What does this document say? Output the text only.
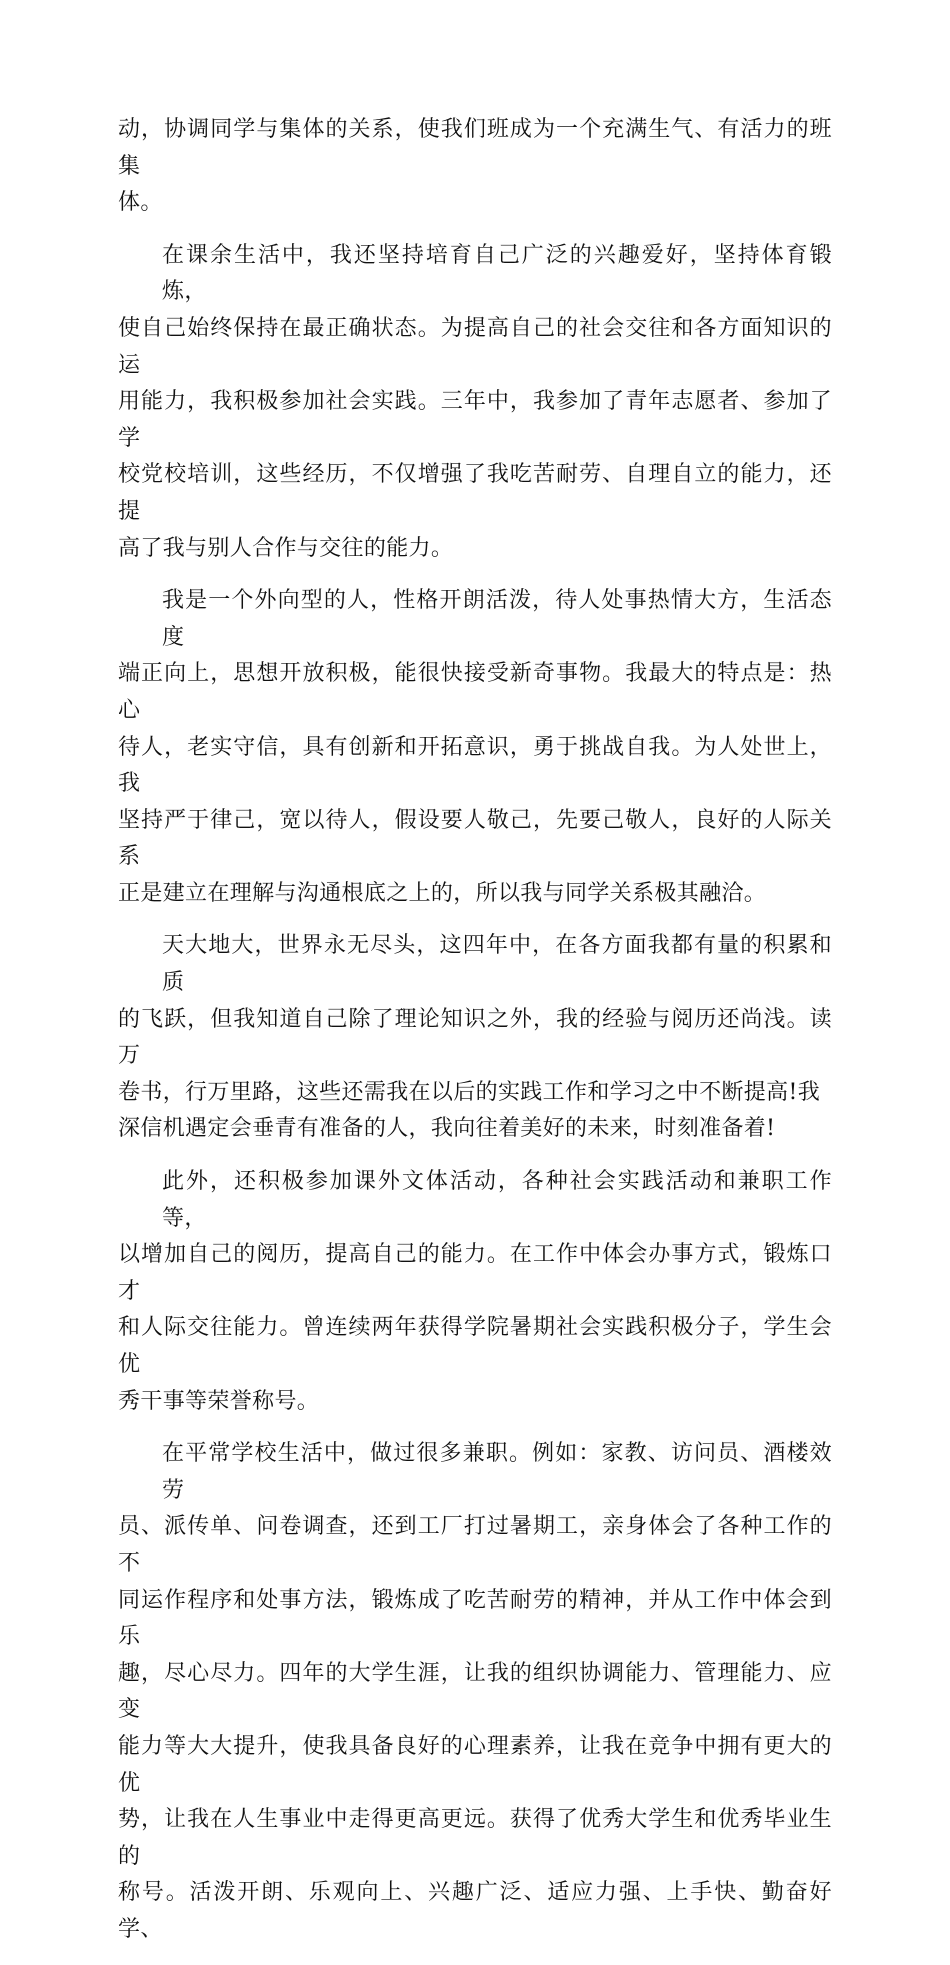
动，协调同学与集体的关系，使我们班成为一个充满生气、有活力的班集
体。

在课余生活中，我还坚持培育自己广泛的兴趣爱好，坚持体育锻炼，
使自己始终保持在最正确状态。为提高自己的社会交往和各方面知识的运
用能力，我积极参加社会实践。三年中，我参加了青年志愿者、参加了学
校党校培训，这些经历，不仅增强了我吃苦耐劳、自理自立的能力，还提
高了我与别人合作与交往的能力。

我是一个外向型的人，性格开朗活泼，待人处事热情大方，生活态度
端正向上，思想开放积极，能很快接受新奇事物。我最大的特点是：热心
待人，老实守信，具有创新和开拓意识，勇于挑战自我。为人处世上，我
坚持严于律己，宽以待人，假设要人敬己，先要己敬人，良好的人际关系
正是建立在理解与沟通根底之上的，所以我与同学关系极其融洽。

天大地大，世界永无尽头，这四年中，在各方面我都有量的积累和质
的飞跃，但我知道自己除了理论知识之外，我的经验与阅历还尚浅。读万
卷书，行万里路，这些还需我在以后的实践工作和学习之中不断提高!我
深信机遇定会垂青有准备的人，我向往着美好的未来，时刻准备着!

此外，还积极参加课外文体活动，各种社会实践活动和兼职工作等，
以增加自己的阅历，提高自己的能力。在工作中体会办事方式，锻炼口才
和人际交往能力。曾连续两年获得学院暑期社会实践积极分子，学生会优
秀干事等荣誉称号。

在平常学校生活中，做过很多兼职。例如：家教、访问员、酒楼效劳
员、派传单、问卷调查，还到工厂打过暑期工，亲身体会了各种工作的不
同运作程序和处事方法，锻炼成了吃苦耐劳的精神，并从工作中体会到乐
趣，尽心尽力。四年的大学生涯，让我的组织协调能力、管理能力、应变
能力等大大提升，使我具备良好的心理素养，让我在竞争中拥有更大的优
势，让我在人生事业中走得更高更远。获得了优秀大学生和优秀毕业生的
称号。活泼开朗、乐观向上、兴趣广泛、适应力强、上手快、勤奋好学、
